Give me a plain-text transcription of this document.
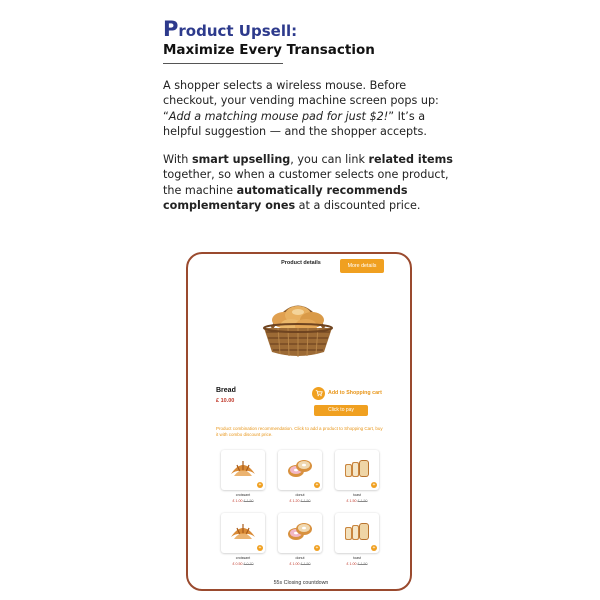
Product Upsell:
Maximize Every Transaction

A shopper selects a wireless mouse. Before checkout, your vending machine screen pops up: “Add a matching mouse pad for just $2!” It’s a helpful suggestion — and the shopper accepts.

With smart upselling, you can link related items together, so when a customer selects one product, the machine automatically recommends complementary ones at a discounted price.

Product details	More details
Bread
£ 10.00
Add to Shopping cart
Click to pay
Product combination recommendation. Click to add a product to Shopping Cart, buy it with combo discount price.
+
croissant
£ 1.00£ 1.50
+
donut
£ 1.20£ 1.50
+
toast
£ 1.50£ 1.50
+
croissant
£ 0.50£ 0.70
+
donut
£ 1.00£ 1.50
+
toast
£ 1.00£ 1.50
55s Closing countdown
